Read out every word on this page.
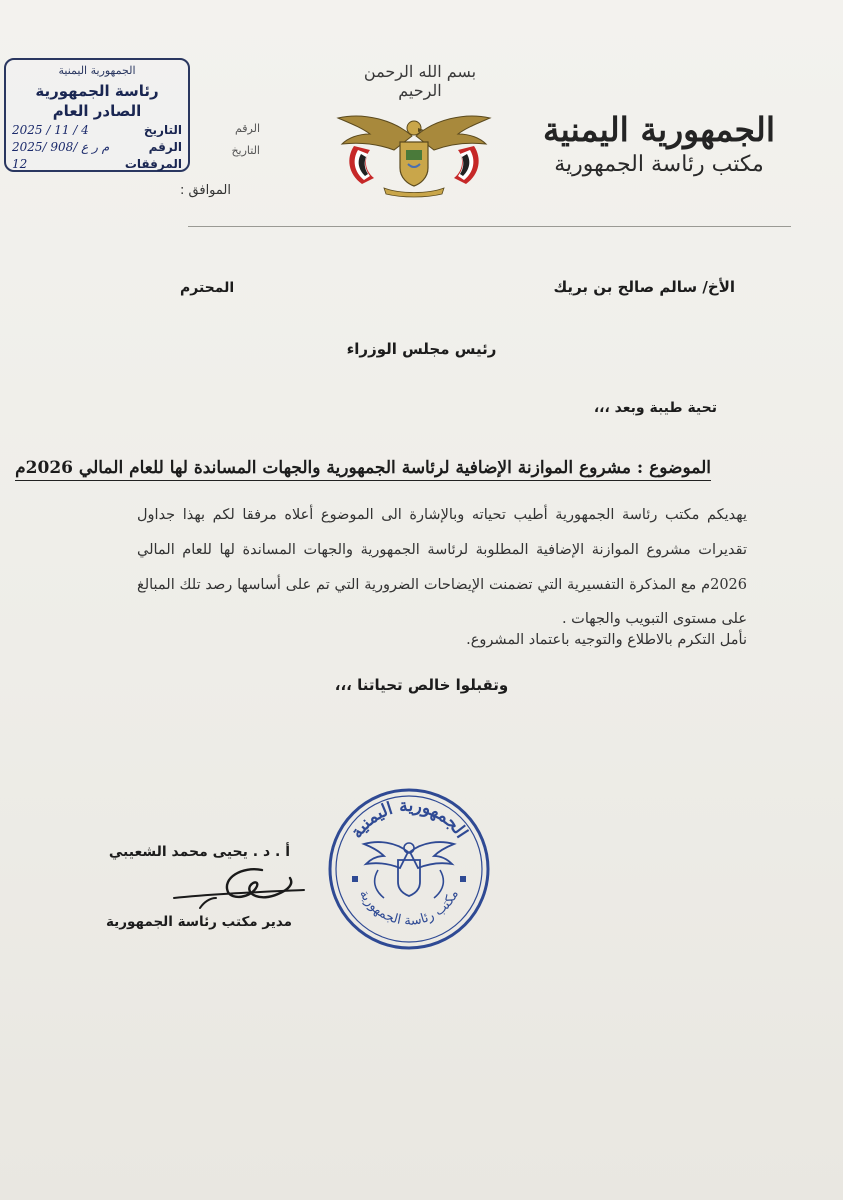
الجمهورية اليمنية
رئاسة الجمهورية
الصادر العام
2025 / 11 / 4	التاريخ
2025/ م ر ع /908	الرقم
12	المرفقات
الرقم
التاريخ
الموافق :
بسم الله الرحمن الرحيم
الجمهورية اليمنية
مكتب رئاسة الجمهورية
الأخ/ سالم صالح بن بريك
المحترم
رئيس مجلس الوزراء
تحية طيبة وبعد ،،،
الموضوع : مشروع الموازنة الإضافية لرئاسة الجمهورية والجهات المساندة لها للعام المالي 2026م
يهديكم مكتب رئاسة الجمهورية أطيب تحياته وبالإشارة الى الموضوع أعلاه مرفقا لكم بهذا جداول تقديرات مشروع الموازنة الإضافية المطلوبة لرئاسة الجمهورية والجهات المساندة لها للعام المالي 2026م مع المذكرة التفسيرية التي تضمنت الإيضاحات الضرورية التي تم على أساسها رصد تلك المبالغ على مستوى التبويب والجهات .
نأمل التكرم بالاطلاع والتوجيه باعتماد المشروع.
وتقبلوا خالص تحياتنا ،،،
أ . د . يحيى محمد الشعيبي
مدير مكتب رئاسة الجمهورية
الجمهورية اليمنية
مكتب رئاسة الجمهورية
